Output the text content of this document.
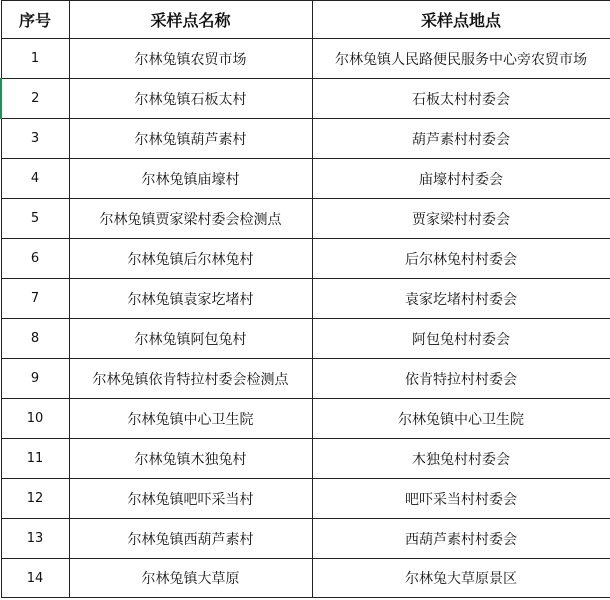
序号	采样点名称	采样点地点
1	尔林兔镇农贸市场	尔林兔镇人民路便民服务中心旁农贸市场
2	尔林兔镇石板太村	石板太村村委会
3	尔林兔镇葫芦素村	葫芦素村村委会
4	尔林兔镇庙壕村	庙壕村村委会
5	尔林兔镇贾家梁村委会检测点	贾家梁村村委会
6	尔林兔镇后尔林兔村	后尔林兔村村委会
7	尔林兔镇袁家圪堵村	袁家圪堵村村委会
8	尔林兔镇阿包兔村	阿包兔村村委会
9	尔林兔镇依肯特拉村委会检测点	依肯特拉村村委会
10	尔林兔镇中心卫生院	尔林兔镇中心卫生院
11	尔林兔镇木独兔村	木独兔村村委会
12	尔林兔镇吧吓采当村	吧吓采当村村委会
13	尔林兔镇西葫芦素村	西葫芦素村村委会
14	尔林兔镇大草原	尔林兔大草原景区
